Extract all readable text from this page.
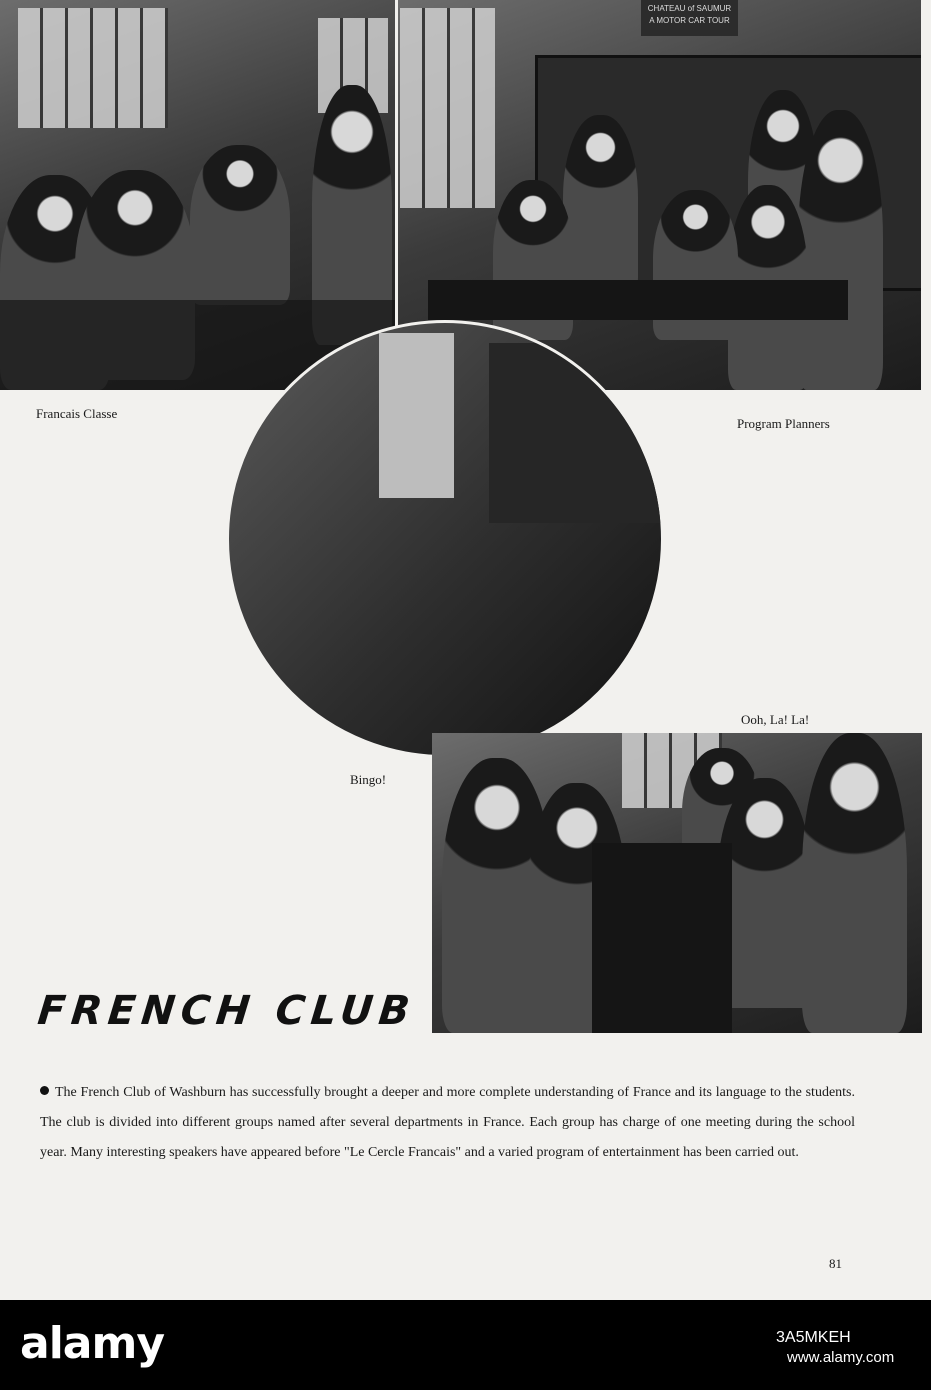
CHATEAU of SAUMUR
A MOTOR CAR TOUR
Francais Classe
Program Planners
Ooh, La! La!
Bingo!
FRENCH CLUB
The French Club of Washburn has successfully brought a deeper and more complete understanding of France and its language to the students. The club is divided into different groups named after several departments in France. Each group has charge of one meeting during the school year. Many interesting speakers have appeared before "Le Cercle Francais" and a varied program of entertainment has been carried out.
81
alamy	3A5MKEH
www.alamy.com
